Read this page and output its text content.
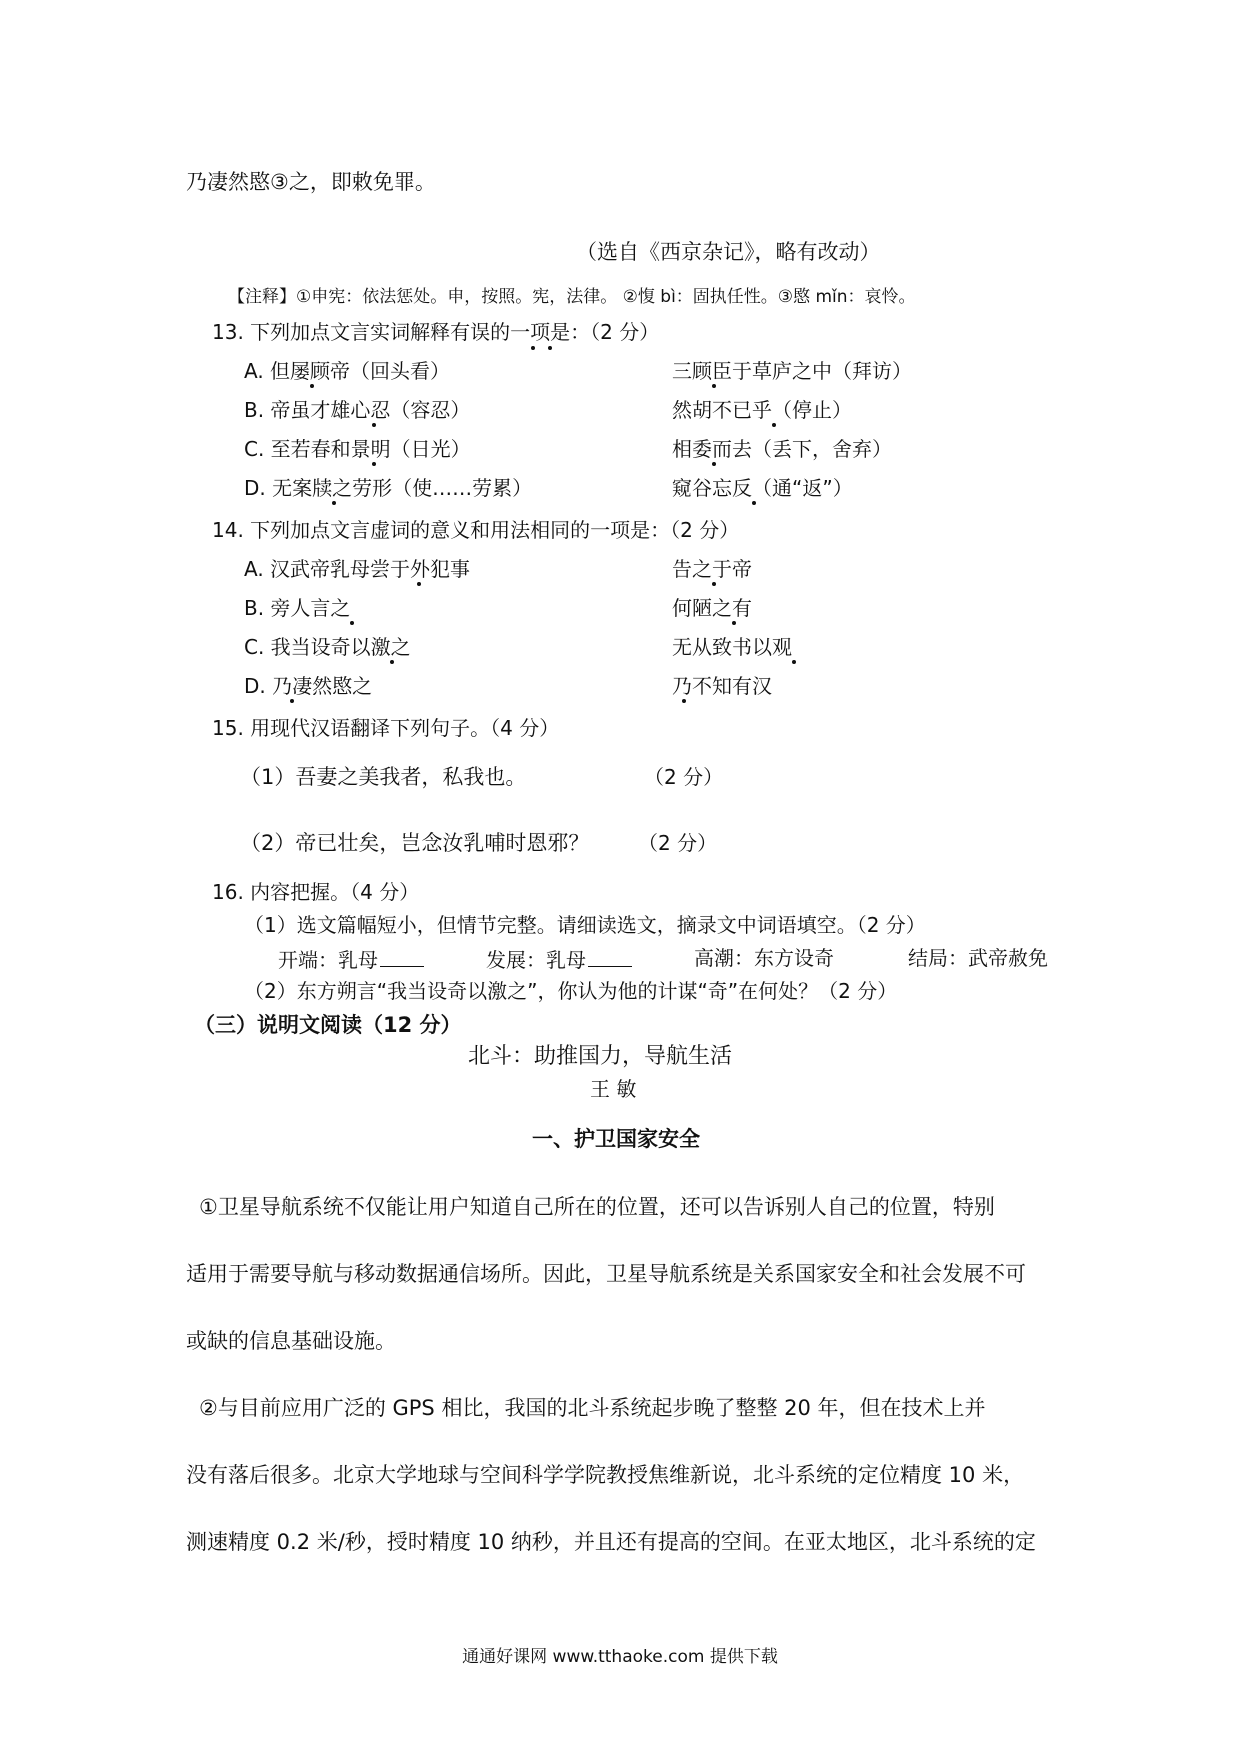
乃凄然愍③之，即敕免罪。
（选自《西京杂记》，略有改动）
【注释】①申宪：依法惩处。申，按照。宪，法律。 ②愎 bì：固执任性。③愍 mǐn：哀怜。
13. 下列加点文言实词解释有误的一项是：（2 分）
A. 但屡顾帝（回头看）	三顾臣于草庐之中（拜访）
B. 帝虽才雄心忍（容忍）	然胡不已乎（停止）
C. 至若春和景明（日光）	相委而去（丢下，舍弃）
D. 无案牍之劳形（使……劳累）	窥谷忘反（通“返”）
14. 下列加点文言虚词的意义和用法相同的一项是：（2 分）
A. 汉武帝乳母尝于外犯事	告之于帝
B. 旁人言之	何陋之有
C. 我当设奇以激之	无从致书以观
D. 乃凄然愍之	乃不知有汉
15. 用现代汉语翻译下列句子。（4 分）
（1）吾妻之美我者，私我也。	（2 分）
（2）帝已壮矣，岂念汝乳哺时恩邪？ （2 分）
16. 内容把握。（4 分）
（1）选文篇幅短小，但情节完整。请细读选文，摘录文中词语填空。（2 分）
开端：乳母	发展：乳母	高潮：东方设奇	结局：武帝赦免
（2）东方朔言“我当设奇以激之”，你认为他的计谋“奇”在何处？（2 分）
（三）说明文阅读（12 分）
北斗：助推国力，导航生活
王 敏
一、护卫国家安全
①卫星导航系统不仅能让用户知道自己所在的位置，还可以告诉别人自己的位置，特别
适用于需要导航与移动数据通信场所。因此，卫星导航系统是关系国家安全和社会发展不可
或缺的信息基础设施。
②与目前应用广泛的 GPS 相比，我国的北斗系统起步晚了整整 20 年，但在技术上并
没有落后很多。北京大学地球与空间科学学院教授焦维新说，北斗系统的定位精度 10 米，
测速精度 0.2 米/秒，授时精度 10 纳秒，并且还有提高的空间。在亚太地区，北斗系统的定
通通好课网 www.tthaoke.com 提供下载
